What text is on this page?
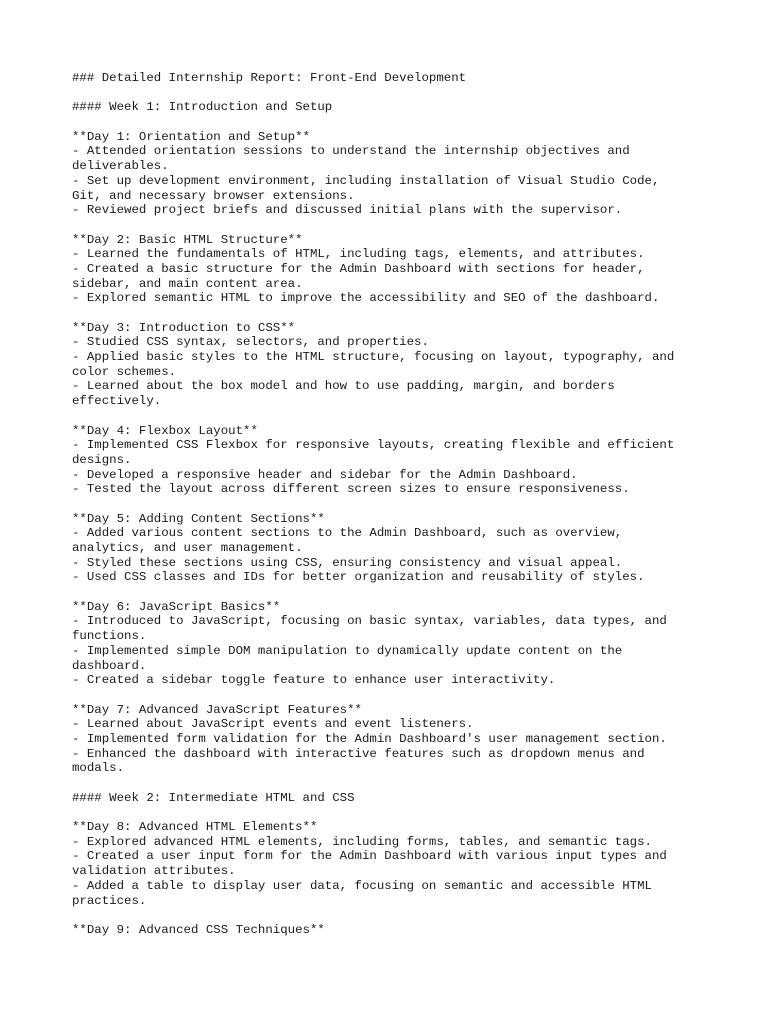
### Detailed Internship Report: Front-End Development
#### Week 1: Introduction and Setup
**Day 1: Orientation and Setup**
- Attended orientation sessions to understand the internship objectives and
deliverables.
- Set up development environment, including installation of Visual Studio Code,
Git, and necessary browser extensions.
- Reviewed project briefs and discussed initial plans with the supervisor.
**Day 2: Basic HTML Structure**
- Learned the fundamentals of HTML, including tags, elements, and attributes.
- Created a basic structure for the Admin Dashboard with sections for header,
sidebar, and main content area.
- Explored semantic HTML to improve the accessibility and SEO of the dashboard.
**Day 3: Introduction to CSS**
- Studied CSS syntax, selectors, and properties.
- Applied basic styles to the HTML structure, focusing on layout, typography, and
color schemes.
- Learned about the box model and how to use padding, margin, and borders
effectively.
**Day 4: Flexbox Layout**
- Implemented CSS Flexbox for responsive layouts, creating flexible and efficient
designs.
- Developed a responsive header and sidebar for the Admin Dashboard.
- Tested the layout across different screen sizes to ensure responsiveness.
**Day 5: Adding Content Sections**
- Added various content sections to the Admin Dashboard, such as overview,
analytics, and user management.
- Styled these sections using CSS, ensuring consistency and visual appeal.
- Used CSS classes and IDs for better organization and reusability of styles.
**Day 6: JavaScript Basics**
- Introduced to JavaScript, focusing on basic syntax, variables, data types, and
functions.
- Implemented simple DOM manipulation to dynamically update content on the
dashboard.
- Created a sidebar toggle feature to enhance user interactivity.
**Day 7: Advanced JavaScript Features**
- Learned about JavaScript events and event listeners.
- Implemented form validation for the Admin Dashboard's user management section.
- Enhanced the dashboard with interactive features such as dropdown menus and
modals.
#### Week 2: Intermediate HTML and CSS
**Day 8: Advanced HTML Elements**
- Explored advanced HTML elements, including forms, tables, and semantic tags.
- Created a user input form for the Admin Dashboard with various input types and
validation attributes.
- Added a table to display user data, focusing on semantic and accessible HTML
practices.
**Day 9: Advanced CSS Techniques**
